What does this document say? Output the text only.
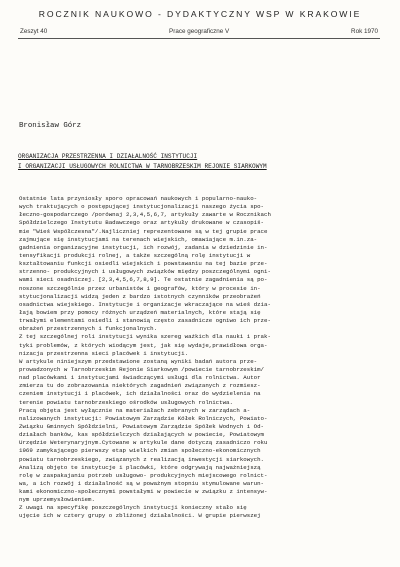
ROCZNIK NAUKOWO - DYDAKTYCZNY WSP W KRAKOWIE
Zeszyt 40	Prace geograficzne V	Rok 1970
Bronisław Górz
ORGANIZACJA PRZESTRZENNA I DZIAŁALNOŚĆ INSTYTUCJI
I ORGANIZACJI USŁUGOWYCH ROLNICTWA W TARNOBRZESKIM REJONIE SIARKOWYM
Ostatnie lata przyniosły sporo opracowań naukowych i popularno-nauko-
wych traktujących o postępującej instytucjonalizacji naszego życia spo-
łeczno-gospodarczego /porównaj 2,3,4,5,6,7, artykuły zawarte w Rocznikach
Spółdzielczego Instytutu Badawczego oraz artykuły drukowane w czasopiś-
mie "Wieś Współczesna"/.Najliczniej reprezentowane są w tej grupie prace
zajmujące się instytucjami na terenach wiejskich, omawiające m.in.za-
gadnienia organizacyjne instytucji, ich rozwój, zadania w dziedzinie in-
tensyfikacji produkcji rolnej, a także szczególną rolę instytucji w
kształtowaniu funkcji osiedli wiejskich i powstawaniu na tej bazie prze-
strzenno- produkcyjnych i usługowych związków między poszczególnymi ogni-
wami sieci osadniczej. [2,3,4,5,6,7,8,9]. Te ostatnie zagadnienia są po-
noszone szczególnie przez urbanistów i geografów, który w procesie in-
stytucjonalizacji widzą jeden z bardzo istotnych czynników przeobrażeń
osadnictwa wiejskiego. Instytucje i organizacje wkraczające na wieś dzia-
łają bowiem przy pomocy różnych urządzeń materialnych, które stają się
trwałymi elementami osiedli i stanowią często zasadnicze ogniwo ich prze-
obrażeń przestrzennych i funkcjonalnych.
Z tej szczególnej roli instytucji wynika szereg ważkich dla nauki i prak-
tyki problemów, z których wiodącym jest, jak się wydaje,prawidłowa orga-
nizacja przestrzenna sieci placówek i instytucji.
W artykule niniejszym przedstawione zostaną wyniki badań autora prze-
prowadzonych w Tarnobrzeskim Rejonie Siarkowym /powiecie tarnobrzeskim/
nad placówkami i instytucjami świadczącymi usługi dla rolnictwa. Autor
zmierza tu do zobrazowania niektórych zagadnień związanych z rozmiesz-
czeniem instytucji i placówek, ich działalności oraz do wydzielenia na
terenie powiatu tarnobrzeskiego ośrodków usługowych rolnictwa.
Pracą objęta jest wyłącznie na materiałach zebranych w zarządach a-
nalizowanych instytucji: Powiatowym Zarządzie Kółek Rolniczych, Powiato-
Związku Gminnych Spółdzielni, Powiatowym Zarządzie Spółek Wodnych i Od-
działach banków, kas spółdzielczych działających w powiecie, Powiatowym
Urzędzie Weterynaryjnym.Cytowane w artykule dane dotyczą zasadniczo roku
1969 zamykającego pierwszy etap wielkich zmian społeczno-ekonomicznych
powiatu tarnobrzeskiego, związanych z realizacją inwestycji siarkowych.
Analizą objęto te instytucje i placówki, które odgrywają najważniejszą
rolę w zaspakajaniu potrzeb usługowo- produkcyjnych miejscowego rolnict-
wa, a ich rozwój i działalność są w poważnym stopniu stymulowane warun-
kami ekonomiczno-społecznymi powstałymi w powiecie w związku z intensyw-
nym uprzemysłowieniem.
Z uwagi na specyfikę poszczególnych instytucji konieczny stało się
ujęcie ich w cztery grupy o zbliżonej działalności. W grupie pierwszej
